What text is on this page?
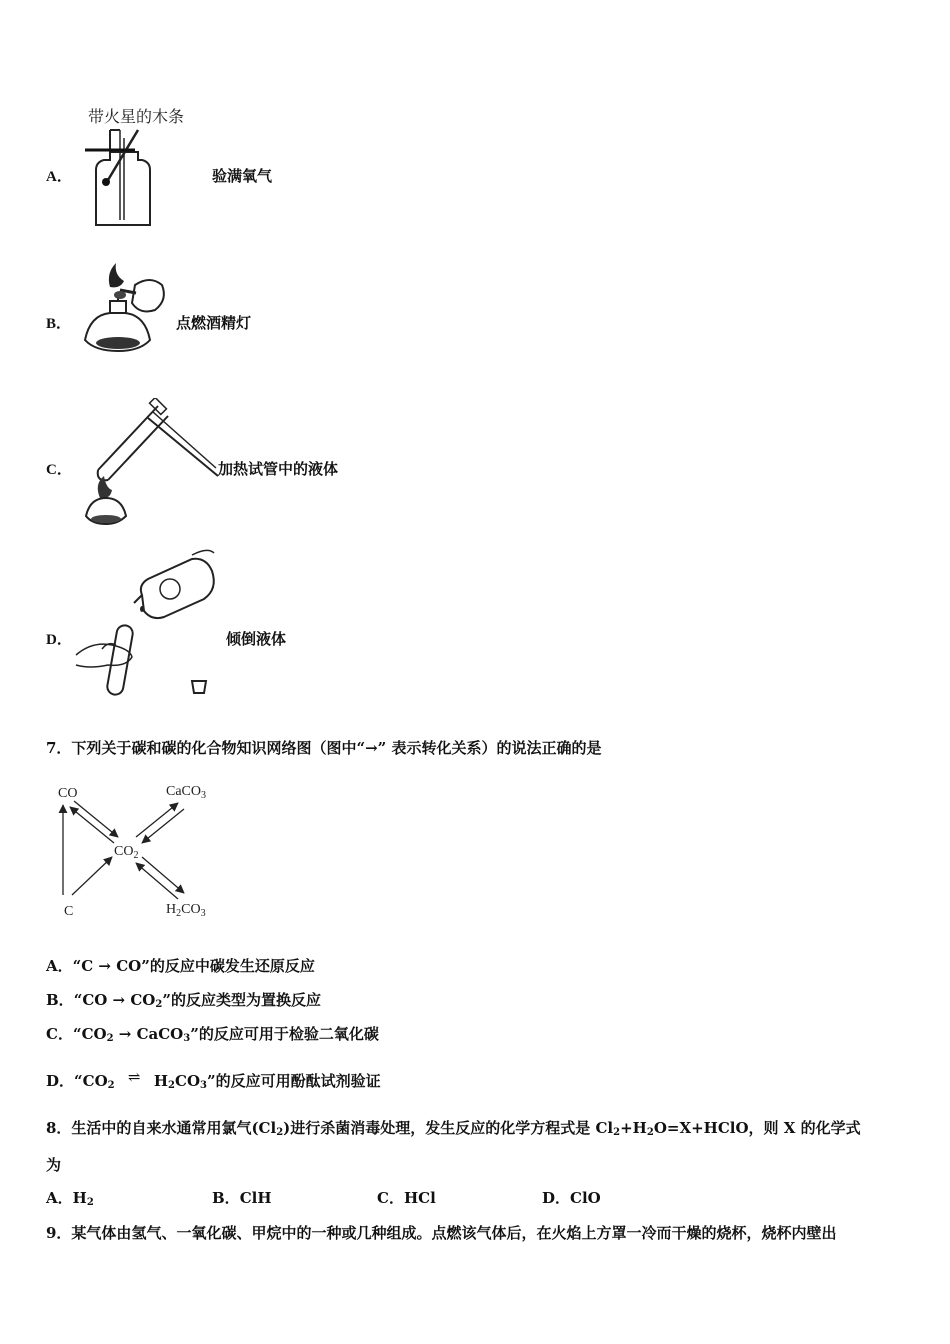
A．
带火星的木条
验满氧气
B．	点燃酒精灯
C．	加热试管中的液体
D．	倾倒液体
7．下列关于碳和碳的化合物知识网络图（图中“→” 表示转化关系）的说法正确的是
CO	CaCO$_3$
$CO_2$
C	$H_2CO_3$
A．“C → CO”的反应中碳发生还原反应
B．“CO → $CO_2$”的反应类型为置换反应
C．“$CO_2$ → CaCO$_3$”的反应可用于检验二氧化碳
D．“$CO_2$ ⇌ $H_2CO_3$”的反应可用酚酞试剂验证
8．生活中的自来水通常用氯气$(Cl_2)$进行杀菌消毒处理，发生反应的化学方程式是 $Cl_2+H_2O=X+HClO$，则 X 的化学式
为
A．$H_2$	B．ClH	C．HCl	D．ClO
9．某气体由氢气、一氧化碳、甲烷中的一种或几种组成。点燃该气体后，在火焰上方罩一冷而干燥的烧杯，烧杯内壁出
